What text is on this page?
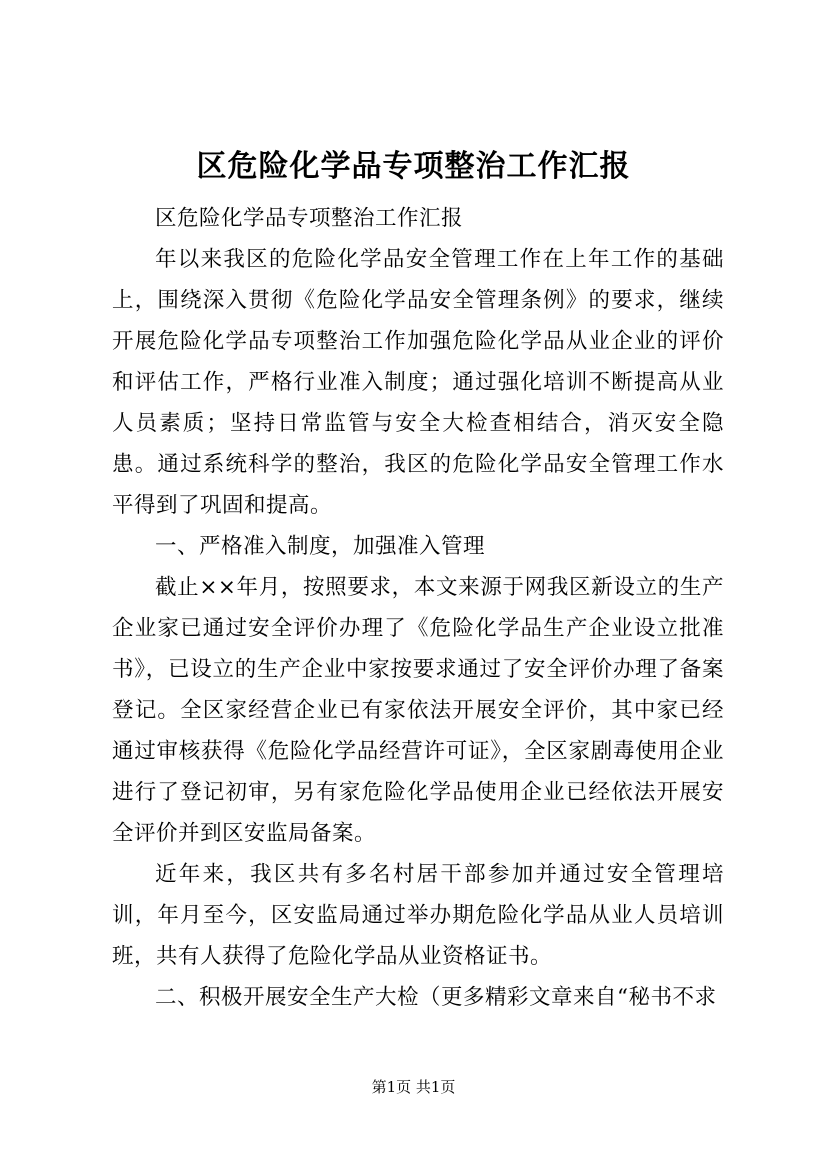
区危险化学品专项整治工作汇报

区危险化学品专项整治工作汇报

年以来我区的危险化学品安全管理工作在上年工作的基础上，围绕深入贯彻《危险化学品安全管理条例》的要求，继续开展危险化学品专项整治工作加强危险化学品从业企业的评价和评估工作，严格行业准入制度；通过强化培训不断提高从业人员素质；坚持日常监管与安全大检查相结合，消灭安全隐患。通过系统科学的整治，我区的危险化学品安全管理工作水平得到了巩固和提高。

一、严格准入制度，加强准入管理

截止××年月，按照要求，本文来源于网我区新设立的生产企业家已通过安全评价办理了《危险化学品生产企业设立批准书》，已设立的生产企业中家按要求通过了安全评价办理了备案登记。全区家经营企业已有家依法开展安全评价，其中家已经通过审核获得《危险化学品经营许可证》，全区家剧毒使用企业进行了登记初审，另有家危险化学品使用企业已经依法开展安全评价并到区安监局备案。

近年来，我区共有多名村居干部参加并通过安全管理培训，年月至今，区安监局通过举办期危险化学品从业人员培训班，共有人获得了危险化学品从业资格证书。

二、积极开展安全生产大检（更多精彩文章来自“秘书不求

第1页 共1页
